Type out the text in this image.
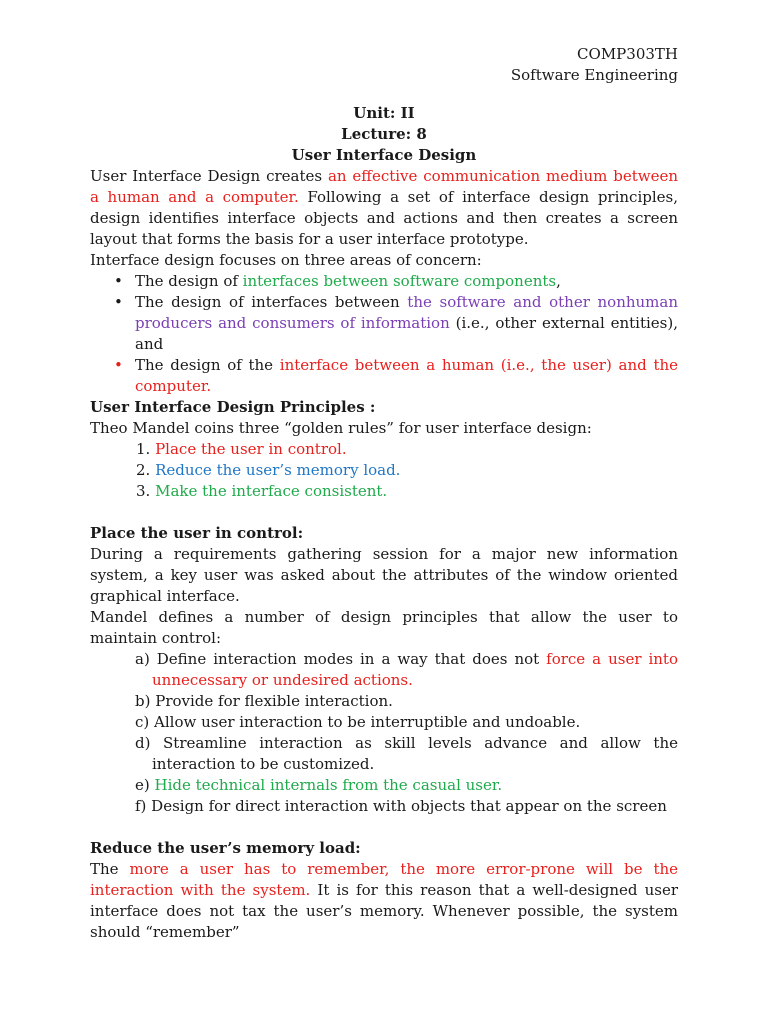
COMP303TH
Software Engineering
Unit: II
Lecture: 8
User Interface Design

User Interface Design creates an effective communication medium between a human and a computer. Following a set of interface design principles, design identifies interface objects and actions and then creates a screen layout that forms the basis for a user interface prototype.

Interface design focuses on three areas of concern:

• The design of interfaces between software components,
• The design of interfaces between the software and other nonhuman producers and consumers of information (i.e., other external entities), and
• The design of the interface between a human (i.e., the user) and the computer.

User Interface Design Principles :

Theo Mandel coins three “golden rules” for user interface design:

1. Place the user in control.
2. Reduce the user’s memory load.
3. Make the interface consistent.

Place the user in control:

During a requirements gathering session for a major new information system, a key user was asked about the attributes of the window oriented graphical interface.

Mandel defines a number of design principles that allow the user to maintain control:

a) Define interaction modes in a way that does not force a user into unnecessary or undesired actions.
b) Provide for flexible interaction.
c) Allow user interaction to be interruptible and undoable.
d) Streamline interaction as skill levels advance and allow the interaction to be customized.
e) Hide technical internals from the casual user.
f) Design for direct interaction with objects that appear on the screen

Reduce the user’s memory load:

The more a user has to remember, the more error-prone will be the interaction with the system. It is for this reason that a well-designed user interface does not tax the user’s memory. Whenever possible, the system should “remember”
